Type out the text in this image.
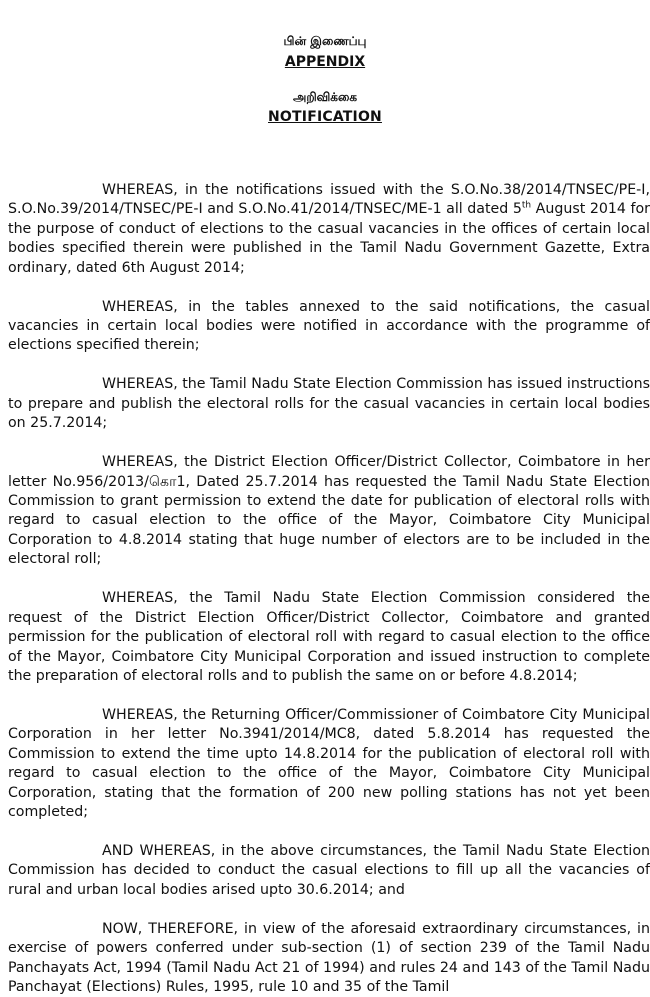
பின் இணைப்பு
APPENDIX
அறிவிக்கை
NOTIFICATION

WHEREAS, in the notifications issued with the S.O.No.38/2014/TNSEC/PE-I, S.O.No.39/2014/TNSEC/PE-I and S.O.No.41/2014/TNSEC/ME-1 all dated 5th August 2014 for the purpose of conduct of elections to the casual vacancies in the offices of certain local bodies specified therein were published in the Tamil Nadu Government Gazette, Extra ordinary, dated 6th August 2014;

WHEREAS, in the tables annexed to the said notifications, the casual vacancies in certain local bodies were notified in accordance with the programme of elections specified therein;

WHEREAS, the Tamil Nadu State Election Commission has issued instructions to prepare and publish the electoral rolls for the casual vacancies in certain local bodies on 25.7.2014;

WHEREAS, the District Election Officer/District Collector, Coimbatore in her letter No.956/2013/கொ1, Dated 25.7.2014 has requested the Tamil Nadu State Election Commission to grant permission to extend the date for publication of electoral rolls with regard to casual election to the office of the Mayor, Coimbatore City Municipal Corporation to 4.8.2014 stating that huge number of electors are to be included in the electoral roll;

WHEREAS, the Tamil Nadu State Election Commission considered the request of the District Election Officer/District Collector, Coimbatore and granted permission for the publication of electoral roll with regard to casual election to the office of the Mayor, Coimbatore City Municipal Corporation and issued instruction to complete the preparation of electoral rolls and to publish the same on or before 4.8.2014;

WHEREAS, the Returning Officer/Commissioner of Coimbatore City Municipal Corporation in her letter No.3941/2014/MC8, dated 5.8.2014 has requested the Commission to extend the time upto 14.8.2014 for the publication of electoral roll with regard to casual election to the office of the Mayor, Coimbatore City Municipal Corporation, stating that the formation of 200 new polling stations has not yet been completed;

AND WHEREAS, in the above circumstances, the Tamil Nadu State Election Commission has decided to conduct the casual elections to fill up all the vacancies of rural and urban local bodies arised upto 30.6.2014; and

NOW, THEREFORE, in view of the aforesaid extraordinary circumstances, in exercise of powers conferred under sub-section (1) of section 239 of the Tamil Nadu Panchayats Act, 1994 (Tamil Nadu Act 21 of 1994) and rules 24 and 143 of the Tamil Nadu Panchayat (Elections) Rules, 1995, rule 10 and 35 of the Tamil
